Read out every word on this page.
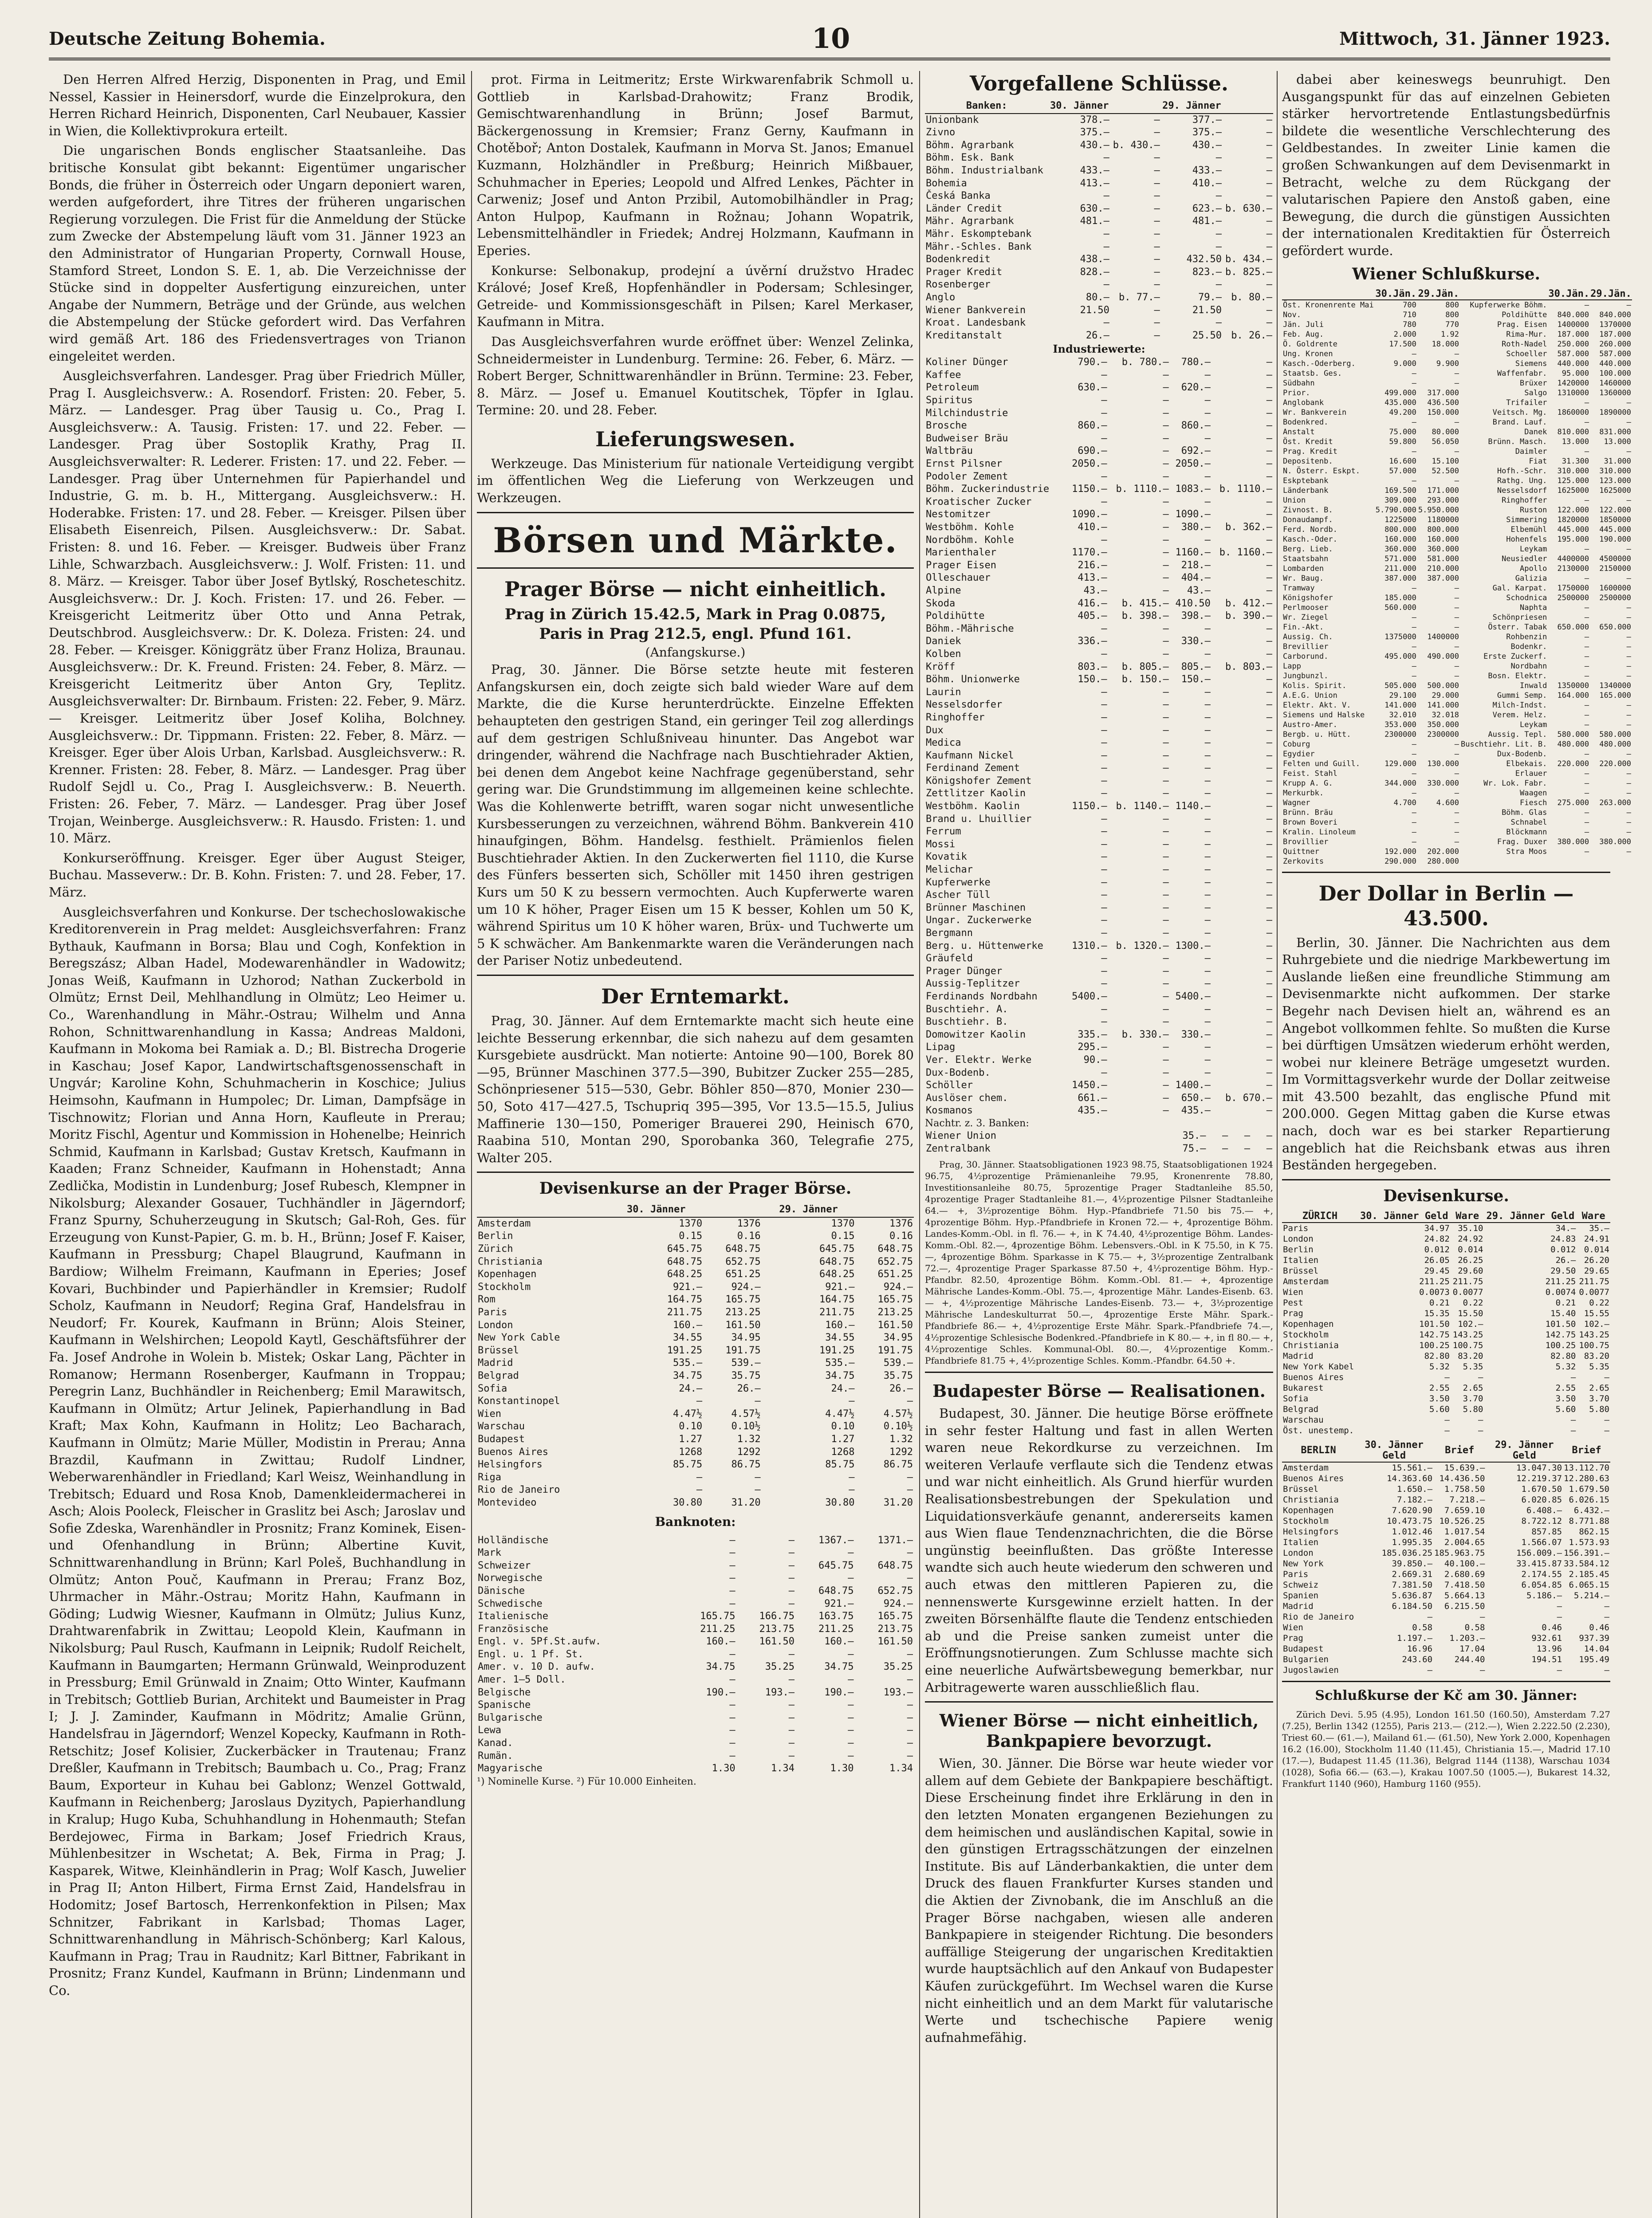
Deutsche Zeitung Bohemia.	10	Mittwoch, 31. Jänner 1923.

Den Herren Alfred Herzig, Disponenten in Prag, und Emil Nessel, Kassier in Heinersdorf, wurde die Einzelprokura, den Herren Richard Heinrich, Disponenten, Carl Neubauer, Kassier in Wien, die Kollektivprokura erteilt.

Die ungarischen Bonds englischer Staatsanleihe. Das britische Konsulat gibt bekannt: Eigentümer ungarischer Bonds, die früher in Österreich oder Ungarn deponiert waren, werden aufgefordert, ihre Titres der früheren ungarischen Regierung vorzulegen. Die Frist für die Anmeldung der Stücke zum Zwecke der Abstempelung läuft vom 31. Jänner 1923 an den Administrator of Hungarian Property, Cornwall House, Stamford Street, London S. E. 1, ab. Die Verzeichnisse der Stücke sind in doppelter Ausfertigung einzureichen, unter Angabe der Nummern, Beträge und der Gründe, aus welchen die Abstempelung der Stücke gefordert wird. Das Verfahren wird gemäß Art. 186 des Friedensvertrages von Trianon eingeleitet werden.

Ausgleichsverfahren. Landesger. Prag über Friedrich Müller, Prag I. Ausgleichsverw.: A. Rosendorf. Fristen: 20. Feber, 5. März. — Landesger. Prag über Tausig u. Co., Prag I. Ausgleichsverw.: A. Tausig. Fristen: 17. und 22. Feber. — Landesger. Prag über Sostoplik Krathy, Prag II. Ausgleichsverwalter: R. Lederer. Fristen: 17. und 22. Feber. — Landesger. Prag über Unternehmen für Papierhandel und Industrie, G. m. b. H., Mittergang. Ausgleichsverw.: H. Hoderabke. Fristen: 17. und 28. Feber. — Kreisger. Pilsen über Elisabeth Eisenreich, Pilsen. Ausgleichsverw.: Dr. Sabat. Fristen: 8. und 16. Feber. — Kreisger. Budweis über Franz Lihle, Schwarzbach. Ausgleichsverw.: J. Wolf. Fristen: 11. und 8. März. — Kreisger. Tabor über Josef Bytlský, Roscheteschitz. Ausgleichsverw.: Dr. J. Koch. Fristen: 17. und 26. Feber. — Kreisgericht Leitmeritz über Otto und Anna Petrak, Deutschbrod. Ausgleichsverw.: Dr. K. Doleza. Fristen: 24. und 28. Feber. — Kreisger. Königgrätz über Franz Holiza, Braunau. Ausgleichsverw.: Dr. K. Freund. Fristen: 24. Feber, 8. März. — Kreisgericht Leitmeritz über Anton Gry, Teplitz. Ausgleichsverwalter: Dr. Birnbaum. Fristen: 22. Feber, 9. März. — Kreisger. Leitmeritz über Josef Koliha, Bolchney. Ausgleichsverw.: Dr. Tippmann. Fristen: 22. Feber, 8. März. — Kreisger. Eger über Alois Urban, Karlsbad. Ausgleichsverw.: R. Krenner. Fristen: 28. Feber, 8. März. — Landesger. Prag über Rudolf Sejdl u. Co., Prag I. Ausgleichsverw.: B. Neuerth. Fristen: 26. Feber, 7. März. — Landesger. Prag über Josef Trojan, Weinberge. Ausgleichsverw.: R. Hausdo. Fristen: 1. und 10. März.

Konkurseröffnung. Kreisger. Eger über August Steiger, Buchau. Masseverw.: Dr. B. Kohn. Fristen: 7. und 28. Feber, 17. März.

Ausgleichsverfahren und Konkurse. Der tschechoslowakische Kreditorenverein in Prag meldet: Ausgleichsverfahren: Franz Bythauk, Kaufmann in Borsa; Blau und Cogh, Konfektion in Beregszász; Alban Hadel, Modewarenhändler in Wadowitz; Jonas Weiß, Kaufmann in Uzhorod; Nathan Zuckerbold in Olmütz; Ernst Deil, Mehlhandlung in Olmütz; Leo Heimer u. Co., Warenhandlung in Mähr.-Ostrau; Wilhelm und Anna Rohon, Schnittwarenhandlung in Kassa; Andreas Maldoni, Kaufmann in Mokoma bei Ramiak a. D.; Bl. Bistrecha Drogerie in Kaschau; Josef Kapor, Landwirtschaftsgenossenschaft in Ungvár; Karoline Kohn, Schuhmacherin in Koschice; Julius Heimsohn, Kaufmann in Humpolec; Dr. Liman, Dampfsäge in Tischnowitz; Florian und Anna Horn, Kaufleute in Prerau; Moritz Fischl, Agentur und Kommission in Hohenelbe; Heinrich Schmid, Kaufmann in Karlsbad; Gustav Kretsch, Kaufmann in Kaaden; Franz Schneider, Kaufmann in Hohenstadt; Anna Zedlička, Modistin in Lundenburg; Josef Rubesch, Klempner in Nikolsburg; Alexander Gosauer, Tuchhändler in Jägerndorf; Franz Spurny, Schuherzeugung in Skutsch; Gal-Roh, Ges. für Erzeugung von Kunst-Papier, G. m. b. H., Brünn; Josef F. Kaiser, Kaufmann in Pressburg; Chapel Blaugrund, Kaufmann in Bardiow; Wilhelm Freimann, Kaufmann in Eperies; Josef Kovari, Buchbinder und Papierhändler in Kremsier; Rudolf Scholz, Kaufmann in Neudorf; Regina Graf, Handelsfrau in Neudorf; Fr. Kourek, Kaufmann in Brünn; Alois Steiner, Kaufmann in Welshirchen; Leopold Kaytl, Geschäftsführer der Fa. Josef Androhe in Wolein b. Mistek; Oskar Lang, Pächter in Romanow; Hermann Rosenberger, Kaufmann in Troppau; Peregrin Lanz, Buchhändler in Reichenberg; Emil Marawitsch, Kaufmann in Olmütz; Artur Jelinek, Papierhandlung in Bad Kraft; Max Kohn, Kaufmann in Holitz; Leo Bacharach, Kaufmann in Olmütz; Marie Müller, Modistin in Prerau; Anna Brazdil, Kaufmann in Zwittau; Rudolf Lindner, Weberwarenhändler in Friedland; Karl Weisz, Weinhandlung in Trebitsch; Eduard und Rosa Knob, Damenkleidermacherei in Asch; Alois Pooleck, Fleischer in Graslitz bei Asch; Jaroslav und Sofie Zdeska, Warenhändler in Prosnitz; Franz Kominek, Eisen- und Ofenhandlung in Brünn; Albertine Kuvit, Schnittwarenhandlung in Brünn; Karl Poleš, Buchhandlung in Olmütz; Anton Pouč, Kaufmann in Prerau; Franz Boz, Uhrmacher in Mähr.-Ostrau; Moritz Hahn, Kaufmann in Göding; Ludwig Wiesner, Kaufmann in Olmütz; Julius Kunz, Drahtwarenfabrik in Zwittau; Leopold Klein, Kaufmann in Nikolsburg; Paul Rusch, Kaufmann in Leipnik; Rudolf Reichelt, Kaufmann in Baumgarten; Hermann Grünwald, Weinproduzent in Pressburg; Emil Grünwald in Znaim; Otto Winter, Kaufmann in Trebitsch; Gottlieb Burian, Architekt und Baumeister in Prag I; J. J. Zaminder, Kaufmann in Mödritz; Amalie Grünn, Handelsfrau in Jägerndorf; Wenzel Kopecky, Kaufmann in Roth-Retschitz; Josef Kolisier, Zuckerbäcker in Trautenau; Franz Dreßler, Kaufmann in Trebitsch; Baumbach u. Co., Prag; Franz Baum, Exporteur in Kuhau bei Gablonz; Wenzel Gottwald, Kaufmann in Reichenberg; Jaroslaus Dyzitych, Papierhandlung in Kralup; Hugo Kuba, Schuhhandlung in Hohenmauth; Stefan Berdejowec, Firma in Barkam; Josef Friedrich Kraus, Mühlenbesitzer in Wschetat; A. Bek, Firma in Prag; J. Kasparek, Witwe, Kleinhändlerin in Prag; Wolf Kasch, Juwelier in Prag II; Anton Hilbert, Firma Ernst Zaid, Handelsfrau in Hodomitz; Josef Bartosch, Herrenkonfektion in Pilsen; Max Schnitzer, Fabrikant in Karlsbad; Thomas Lager, Schnittwarenhandlung in Mährisch-Schönberg; Karl Kalous, Kaufmann in Prag; Trau in Raudnitz; Karl Bittner, Fabrikant in Prosnitz; Franz Kundel, Kaufmann in Brünn; Lindenmann und Co.

prot. Firma in Leitmeritz; Erste Wirkwarenfabrik Schmoll u. Gottlieb in Karlsbad-Drahowitz; Franz Brodik, Gemischtwarenhandlung in Brünn; Josef Barmut, Bäckergenossung in Kremsier; Franz Gerny, Kaufmann in Chotěboř; Anton Dostalek, Kaufmann in Morva St. Janos; Emanuel Kuzmann, Holzhändler in Preßburg; Heinrich Mißbauer, Schuhmacher in Eperies; Leopold und Alfred Lenkes, Pächter in Carweniz; Josef und Anton Przibil, Automobilhändler in Prag; Anton Hulpop, Kaufmann in Rožnau; Johann Wopatrik, Lebensmittelhändler in Friedek; Andrej Holzmann, Kaufmann in Eperies.

Konkurse: Selbonakup, prodejní a úvěrní družstvo Hradec Králové; Josef Kreß, Hopfenhändler in Podersam; Schlesinger, Getreide- und Kommissionsgeschäft in Pilsen; Karel Merkaser, Kaufmann in Mitra.

Das Ausgleichsverfahren wurde eröffnet über: Wenzel Zelinka, Schneidermeister in Lundenburg. Termine: 26. Feber, 6. März. — Robert Berger, Schnittwarenhändler in Brünn. Termine: 23. Feber, 8. März. — Josef u. Emanuel Koutitschek, Töpfer in Iglau. Termine: 20. und 28. Feber.

Lieferungswesen.

Werkzeuge. Das Ministerium für nationale Verteidigung vergibt im öffentlichen Weg die Lieferung von Werkzeugen und Werkzeugen.

Börsen und Märkte.
Prager Börse — nicht einheitlich.
Prag in Zürich 15.42.5, Mark in Prag 0.0875,
Paris in Prag 212.5, engl. Pfund 161.
(Anfangskurse.)

Prag, 30. Jänner. Die Börse setzte heute mit festeren Anfangskursen ein, doch zeigte sich bald wieder Ware auf dem Markte, die die Kurse herunterdrückte. Einzelne Effekten behaupteten den gestrigen Stand, ein geringer Teil zog allerdings auf dem gestrigen Schlußniveau hinunter. Das Angebot war dringender, während die Nachfrage nach Buschtiehrader Aktien, bei denen dem Angebot keine Nachfrage gegenüberstand, sehr gering war. Die Grundstimmung im allgemeinen keine schlechte. Was die Kohlenwerte betrifft, waren sogar nicht unwesentliche Kursbesserungen zu verzeichnen, während Böhm. Bankverein 410 hinaufgingen, Böhm. Handelsg. festhielt. Prämienlos fielen Buschtiehrader Aktien. In den Zuckerwerten fiel 1110, die Kurse des Fünfers besserten sich, Schöller mit 1450 ihren gestrigen Kurs um 50 K zu bessern vermochten. Auch Kupferwerte waren um 10 K höher, Prager Eisen um 15 K besser, Kohlen um 50 K, während Spiritus um 10 K höher waren, Brüx- und Tuchwerte um 5 K schwächer. Am Bankenmarkte waren die Veränderungen nach der Pariser Notiz unbedeutend.

Der Erntemarkt.

Prag, 30. Jänner. Auf dem Erntemarkte macht sich heute eine leichte Besserung erkennbar, die sich nahezu auf dem gesamten Kursgebiete ausdrückt. Man notierte: Antoine 90—100, Borek 80—95, Brünner Maschinen 377.5—390, Bubitzer Zucker 255—285, Schönpriesener 515—530, Gebr. Böhler 850—870, Monier 230—50, Soto 417—427.5, Tschupriq 395—395, Vor 13.5—15.5, Julius Maffinerie 130—150, Pomeriger Brauerei 290, Heinisch 670, Raabina 510, Montan 290, Sporobanka 360, Telegrafie 275, Walter 205.

Devisenkurse an der Prager Börse.
	30. Jänner		29. Jänner	
Amsterdam	1370	1376	1370	1376
Berlin	0.15	0.16	0.15	0.16
Zürich	645.75	648.75	645.75	648.75
Christiania	648.75	652.75	648.75	652.75
Kopenhagen	648.25	651.25	648.25	651.25
Stockholm	921.—	924.—	921.—	924.—
Rom	164.75	165.75	164.75	165.75
Paris	211.75	213.25	211.75	213.25
London	160.—	161.50	160.—	161.50
New York Cable	34.55	34.95	34.55	34.95
Brüssel	191.25	191.75	191.25	191.75
Madrid	535.—	539.—	535.—	539.—
Belgrad	34.75	35.75	34.75	35.75
Sofia	24.—	26.—	24.—	26.—
Konstantinopel	—	—	—	—
Wien	4.47½	4.57½	4.47½	4.57½
Warschau	0.10	0.10½	0.10	0.10½
Budapest	1.27	1.32	1.27	1.32
Buenos Aires	1268	1292	1268	1292
Helsingfors	85.75	86.75	85.75	86.75
Riga	—	—	—	—
Rio de Janeiro	—	—	—	—
Montevideo	30.80	31.20	30.80	31.20
Banknoten:
Holländische	—	—	1367.—	1371.—
Mark	—	—	—	—
Schweizer	—	—	645.75	648.75
Norwegische	—	—	—	—
Dänische	—	—	648.75	652.75
Schwedische	—	—	921.—	924.—
Italienische	165.75	166.75	163.75	165.75
Französische	211.25	213.75	211.25	213.75
Engl. v. 5Pf.St.aufw.	160.—	161.50	160.—	161.50
Engl. u. 1 Pf. St.	—	—	—	—
Amer. v. 10 D. aufw.	34.75	35.25	34.75	35.25
Amer. 1—5 Doll.	—	—	—	—
Belgische	190.—	193.—	190.—	193.—
Spanische	—	—	—	—
Bulgarische	—	—	—	—
Lewa	—	—	—	—
Kanad.	—	—	—	—
Rumän.	—	—	—	—
Magyarische	1.30	1.34	1.30	1.34
¹) Nominelle Kurse. ²) Für 10.000 Einheiten.
Vorgefallene Schlüsse.
Banken:	30. Jänner		29. Jänner	
Unionbank	378.—	—	377.—	—
Zivno	375.—	—	375.—	—
Böhm. Agrarbank	430.—	b. 430.—	430.—	—
Böhm. Esk. Bank	—	—	—	—
Böhm. Industrialbank	433.—	—	433.—	—
Bohemia	413.—	—	410.—	—
Česká Banka	—	—	—	—
Länder Credit	630.—	—	623.—	b. 630.—
Mähr. Agrarbank	481.—	—	481.—	—
Mähr. Eskomptebank	—	—	—	—
Mähr.-Schles. Bank	—	—	—	—
Bodenkredit	438.—	—	432.50	b. 434.—
Prager Kredit	828.—	—	823.—	b. 825.—
Rosenberger	—	—	—	—
Anglo	80.—	b. 77.—	79.—	b. 80.—
Wiener Bankverein	21.50	—	21.50	—
Kroat. Landesbank	—	—	—	—
Kreditanstalt	26.—	—	25.50	b. 26.—
Industriewerte:
Koliner Dünger	790.—	b. 780.—	780.—	—
Kaffee	—	—	—	—
Petroleum	630.—	—	620.—	—
Spiritus	—	—	—	—
Milchindustrie	—	—	—	—
Brosche	860.—	—	860.—	—
Budweiser Bräu	—	—	—	—
Waltbräu	690.—	—	692.—	—
Ernst Pilsner	2050.—	—	2050.—	—
Podoler Zement	—	—	—	—
Böhm. Zuckerindustrie	1150.—	b. 1110.—	1083.—	b. 1110.—
Kroatischer Zucker	—	—	—	—
Nestomitzer	1090.—	—	1090.—	—
Westböhm. Kohle	410.—	—	380.—	b. 362.—
Nordböhm. Kohle	—	—	—	—
Marienthaler	1170.—	—	1160.—	b. 1160.—
Prager Eisen	216.—	—	218.—	—
Olleschauer	413.—	—	404.—	—
Alpine	43.—	—	43.—	—
Skoda	416.—	b. 415.—	410.50	b. 412.—
Poldihütte	405.—	b. 398.—	398.—	b. 390.—
Böhm.-Mährische	—	—	—	—
Daniek	336.—	—	330.—	—
Kolben	—	—	—	—
Kröff	803.—	b. 805.—	805.—	b. 803.—
Böhm. Unionwerke	150.—	b. 150.—	150.—	—
Laurin	—	—	—	—
Nesselsdorfer	—	—	—	—
Ringhoffer	—	—	—	—
Dux	—	—	—	—
Medica	—	—	—	—
Kaufmann Nickel	—	—	—	—
Ferdinand Zement	—	—	—	—
Königshofer Zement	—	—	—	—
Zettlitzer Kaolin	—	—	—	—
Westböhm. Kaolin	1150.—	b. 1140.—	1140.—	—
Brand u. Lhuillier	—	—	—	—
Ferrum	—	—	—	—
Mossi	—	—	—	—
Kovatik	—	—	—	—
Melichar	—	—	—	—
Kupferwerke	—	—	—	—
Ascher Tüll	—	—	—	—
Brünner Maschinen	—	—	—	—
Ungar. Zuckerwerke	—	—	—	—
Bergmann	—	—	—	—
Berg. u. Hüttenwerke	1310.—	b. 1320.—	1300.—	—
Gräufeld	—	—	—	—
Prager Dünger	—	—	—	—
Aussig-Teplitzer	—	—	—	—
Ferdinands Nordbahn	5400.—	—	5400.—	—
Buschtiehr. A.	—	—	—	—
Buschtiehr. B.	—	—	—	—
Domowitzer Kaolin	335.—	b. 330.—	330.—	—
Lipag	295.—	—	—	—
Ver. Elektr. Werke	90.—	—	—	—
Dux-Bodenb.	—	—	—	—
Schöller	1450.—	—	1400.—	—
Auslöser chem.	661.—	—	650.—	b. 670.—
Kosmanos	435.—	—	435.—	—
Nachtr. z. 3. Banken:
Wiener Union	35.—	—	—	—
Zentralbank	75.—	—	—	—

Prag, 30. Jänner. Staatsobligationen 1923 98.75, Staatsobligationen 1924 96.75, 4½prozentige Prämienanleihe 79.95, Kronenrente 78.80, Investitionsanleihe 80.75, 5prozentige Prager Stadtanleihe 85.50, 4prozentige Prager Stadtanleihe 81.—, 4½prozentige Pilsner Stadtanleihe 64.— +, 3½prozentige Böhm. Hyp.-Pfandbriefe 71.50 bis 75.— +, 4prozentige Böhm. Hyp.-Pfandbriefe in Kronen 72.— +, 4prozentige Böhm. Landes-Komm.-Obl. in fl. 76.— +, in K 74.40, 4½prozentige Böhm. Landes-Komm.-Obl. 82.—, 4prozentige Böhm. Lebensvers.-Obl. in K 75.50, in K 75.—, 4prozentige Böhm. Sparkasse in K 75.— +, 3½prozentige Zentralbank 72.—, 4prozentige Prager Sparkasse 87.50 +, 4½prozentige Böhm. Hyp.-Pfandbr. 82.50, 4prozentige Böhm. Komm.-Obl. 81.— +, 4prozentige Mährische Landes-Komm.-Obl. 75.—, 4prozentige Mähr. Landes-Eisenb. 63.— +, 4½prozentige Mährische Landes-Eisenb. 73.— +, 3½prozentige Mährische Landeskulturrat 50.—, 4prozentige Erste Mähr. Spark.-Pfandbriefe 86.— +, 4½prozentige Erste Mähr. Spark.-Pfandbriefe 74.—, 4½prozentige Schlesische Bodenkred.-Pfandbriefe in K 80.— +, in fl 80.— +, 4½prozentige Schles. Kommunal-Obl. 80.—, 4½prozentige Komm.-Pfandbriefe 81.75 +, 4½prozentige Schles. Komm.-Pfandbr. 64.50 +.

Budapester Börse — Realisationen.

Budapest, 30. Jänner. Die heutige Börse eröffnete in sehr fester Haltung und fast in allen Werten waren neue Rekordkurse zu verzeichnen. Im weiteren Verlaufe verflaute sich die Tendenz etwas und war nicht einheitlich. Als Grund hierfür wurden Realisationsbestrebungen der Spekulation und Liquidationsverkäufe genannt, andererseits kamen aus Wien flaue Tendenznachrichten, die die Börse ungünstig beeinflußten. Das größte Interesse wandte sich auch heute wiederum den schweren und auch etwas den mittleren Papieren zu, die nennenswerte Kursgewinne erzielt hatten. In der zweiten Börsenhälfte flaute die Tendenz entschieden ab und die Preise sanken zumeist unter die Eröffnungsnotierungen. Zum Schlusse machte sich eine neuerliche Aufwärtsbewegung bemerkbar, nur Arbitragewerte waren ausschließlich flau.

Wiener Börse — nicht einheitlich, Bankpapiere bevorzugt.

Wien, 30. Jänner. Die Börse war heute wieder vor allem auf dem Gebiete der Bankpapiere beschäftigt. Diese Erscheinung findet ihre Erklärung in den in den letzten Monaten ergangenen Beziehungen zu dem heimischen und ausländischen Kapital, sowie in den günstigen Ertragsschätzungen der einzelnen Institute. Bis auf Länderbankaktien, die unter dem Druck des flauen Frankfurter Kurses standen und die Aktien der Zivnobank, die im Anschluß an die Prager Börse nachgaben, wiesen alle anderen Bankpapiere in steigender Richtung. Die besonders auffällige Steigerung der ungarischen Kreditaktien wurde hauptsächlich auf den Ankauf von Budapester Käufen zurückgeführt. Im Wechsel waren die Kurse nicht einheitlich und an dem Markt für valutarische Werte und tschechische Papiere wenig aufnahmefähig.

dabei aber keineswegs beunruhigt. Den Ausgangspunkt für das auf einzelnen Gebieten stärker hervortretende Entlastungsbedürfnis bildete die wesentliche Verschlechterung des Geldbestandes. In zweiter Linie kamen die großen Schwankungen auf dem Devisenmarkt in Betracht, welche zu dem Rückgang der valutarischen Papiere den Anstoß gaben, eine Bewegung, die durch die günstigen Aussichten der internationalen Kreditaktien für Österreich gefördert wurde.

Wiener Schlußkurse.
	30.Jän.	29.Jän.		30.Jän.	29.Jän.
Öst. Kronenrente Mai	700	800	Kupferwerke Böhm.	—	—
Nov.	710	800	Poldihütte	840.000	840.000
Jän. Juli	780	770	Prag. Eisen	1400000	1370000
Feb. Aug.	2.000	1.92	Rima-Mur.	187.000	187.000
Ö. Goldrente	17.500	18.000	Roth-Nadel	250.000	260.000
Ung. Kronen	—	—	Schoeller	587.000	587.000
Kasch.-Oderberg.	9.000	9.900	Siemens	440.000	440.000
Staatsb. Ges.	—	—	Waffenfabr.	95.000	100.000
Südbahn	—	—	Brüxer	1420000	1460000
Prior.	499.000	317.000	Salgo	1310000	1360000
Anglobank	435.000	436.500	Trifailer	—	—
Wr. Bankverein	49.200	150.000	Veitsch. Mg.	1860000	1890000
Bodenkred.	—	—	Brand. Lauf.	—	—
Anstalt	75.000	80.000	Danek	810.000	831.000
Öst. Kredit	59.800	56.050	Brünn. Masch.	13.000	13.000
Prag. Kredit	—	—	Daimler	—	—
Depositenb.	16.600	15.100	Fiat	31.300	31.000
N. Österr. Eskpt.	57.000	52.500	Hofh.-Schr.	310.000	310.000
Eskptebank	—	—	Rathg. Ung.	125.000	123.000
Länderbank	169.500	171.000	Nesselsdorf	1625000	1625000
Union	309.000	293.000	Ringhoffer	—	—
Zivnost. B.	5.790.000	5.950.000	Ruston	122.000	122.000
Donaudampf.	1225000	1180000	Simmering	1820000	1850000
Ferd. Nordb.	800.000	800.000	Elbemühl	445.000	445.000
Kasch.-Oder.	160.000	160.000	Hohenfels	195.000	190.000
Berg. Lieb.	360.000	360.000	Leykam	—	—
Staatsbahn	571.000	581.000	Neusiedler	4400000	4500000
Lombarden	211.000	210.000	Apollo	2130000	2150000
Wr. Baug.	387.000	387.000	Galizia	—	—
Tramway	—	—	Gal. Karpat.	1750000	1600000
Königshofer	185.000	—	Schodnica	2500000	2500000
Perlmooser	560.000	—	Naphta	—	—
Wr. Ziegel	—	—	Schönpriesen	—	—
Fin.-Akt.	—	—	Österr. Tabak	650.000	650.000
Aussig. Ch.	1375000	1400000	Rohbenzin	—	—
Brevillier	—	—	Bodenkr.	—	—
Carborund.	495.000	490.000	Erste Zuckerf.	—	—
Lapp	—	—	Nordbahn	—	—
Jungbunzl.	—	—	Bosn. Elektr.	—	—
Kolis. Spirit.	505.000	500.000	Inwald	1350000	1340000
A.E.G. Union	29.100	29.000	Gummi Semp.	164.000	165.000
Elektr. Akt. V.	141.000	141.000	Milch-Indst.	—	—
Siemens und Halske	32.010	32.018	Verem. Helz.	—	—
Austro-Amer.	353.000	350.000	Leykam	—	—
Bergb. u. Hütt.	2300000	2300000	Aussig. Tepl.	580.000	580.000
Coburg	—	—	Buschtiehr. Lit. B.	480.000	480.000
Egydier	—	—	Dux-Bodenb.	—	—
Felten und Guill.	129.000	130.000	Elbekais.	220.000	220.000
Feist. Stahl	—	—	Erlauer	—	—
Krupp A. G.	344.000	330.000	Wr. Lok. Fabr.	—	—
Merkurbk.	—	—	Waagen	—	—
Wagner	4.700	4.600	Fiesch	275.000	263.000
Brünn. Bräu	—	—	Böhm. Glas	—	—
Brown Boveri	—	—	Schnabel	—	—
Kralin. Linoleum	—	—	Blöckmann	—	—
Brovillier	—	—	Frag. Duxer	380.000	380.000
Quittner	192.000	202.000	Stra Moos	—	—
Zerkovits	290.000	280.000			
Der Dollar in Berlin — 43.500.

Berlin, 30. Jänner. Die Nachrichten aus dem Ruhrgebiete und die niedrige Markbewertung im Auslande ließen eine freundliche Stimmung am Devisenmarkte nicht aufkommen. Der starke Begehr nach Devisen hielt an, während es an Angebot vollkommen fehlte. So mußten die Kurse bei dürftigen Umsätzen wiederum erhöht werden, wobei nur kleinere Beträge umgesetzt wurden. Im Vormittagsverkehr wurde der Dollar zeitweise mit 43.500 bezahlt, das englische Pfund mit 200.000. Gegen Mittag gaben die Kurse etwas nach, doch war es bei starker Repartierung angeblich hat die Reichsbank etwas aus ihren Beständen hergegeben.

Devisenkurse.
ZÜRICH	30. Jänner Geld	Ware	29. Jänner Geld	Ware
Paris	34.97	35.10	34.—	35.—
London	24.82	24.92	24.83	24.91
Berlin	0.012	0.014	0.012	0.014
Italien	26.05	26.25	26.—	26.20
Brüssel	29.45	29.60	29.50	29.65
Amsterdam	211.25	211.75	211.25	211.75
Wien	0.0073	0.0077	0.0074	0.0077
Pest	0.21	0.22	0.21	0.22
Prag	15.35	15.50	15.40	15.55
Kopenhagen	101.50	102.—	101.50	102.—
Stockholm	142.75	143.25	142.75	143.25
Christiania	100.25	100.75	100.25	100.75
Madrid	82.80	83.20	82.80	83.20
New York Kabel	5.32	5.35	5.32	5.35
Buenos Aires	—	—	—	—
Bukarest	2.55	2.65	2.55	2.65
Sofia	3.50	3.70	3.50	3.70
Belgrad	5.60	5.80	5.60	5.80
Warschau	—	—	—	—
Öst. unestemp.	—	—	—	—
BERLIN	30. Jänner Geld	Brief	29. Jänner Geld	Brief
Amsterdam	15.561.—	15.639.—	13.047.30	13.112.70
Buenos Aires	14.363.60	14.436.50	12.219.37	12.280.63
Brüssel	1.650.—	1.758.50	1.670.50	1.679.50
Christiania	7.182.—	7.218.—	6.020.85	6.026.15
Kopenhagen	7.620.90	7.659.10	6.408.—	6.432.—
Stockholm	10.473.75	10.526.25	8.722.12	8.771.88
Helsingfors	1.012.46	1.017.54	857.85	862.15
Italien	1.995.35	2.004.65	1.566.07	1.573.93
London	185.036.25	185.963.75	156.009.—	156.391.—
New York	39.850.—	40.100.—	33.415.87	33.584.12
Paris	2.669.31	2.680.69	2.174.55	2.185.45
Schweiz	7.381.50	7.418.50	6.054.85	6.065.15
Spanien	5.636.87	5.664.13	5.186.—	5.214.—
Madrid	6.184.50	6.215.50	—	—
Rio de Janeiro	—	—	—	—
Wien	0.58	0.58	0.46	0.46
Prag	1.197.—	1.203.—	932.61	937.39
Budapest	16.96	17.04	13.96	14.04
Bulgarien	243.60	244.40	194.51	195.49
Jugoslawien	—	—	—	—
Schlußkurse der Kč am 30. Jänner:

Zürich Devi. 5.95 (4.95), London 161.50 (160.50), Amsterdam 7.27 (7.25), Berlin 1342 (1255), Paris 213.— (212.—), Wien 2.222.50 (2.230), Triest 60.— (61.—), Mailand 61.— (61.50), New York 2.000, Kopenhagen 16.2 (16.00), Stockholm 11.40 (11.45), Christiania 15.—, Madrid 17.10 (17.—), Budapest 11.45 (11.36), Belgrad 1144 (1138), Warschau 1034 (1028), Sofia 66.— (63.—), Krakau 1007.50 (1005.—), Bukarest 14.32, Frankfurt 1140 (960), Hamburg 1160 (955).
